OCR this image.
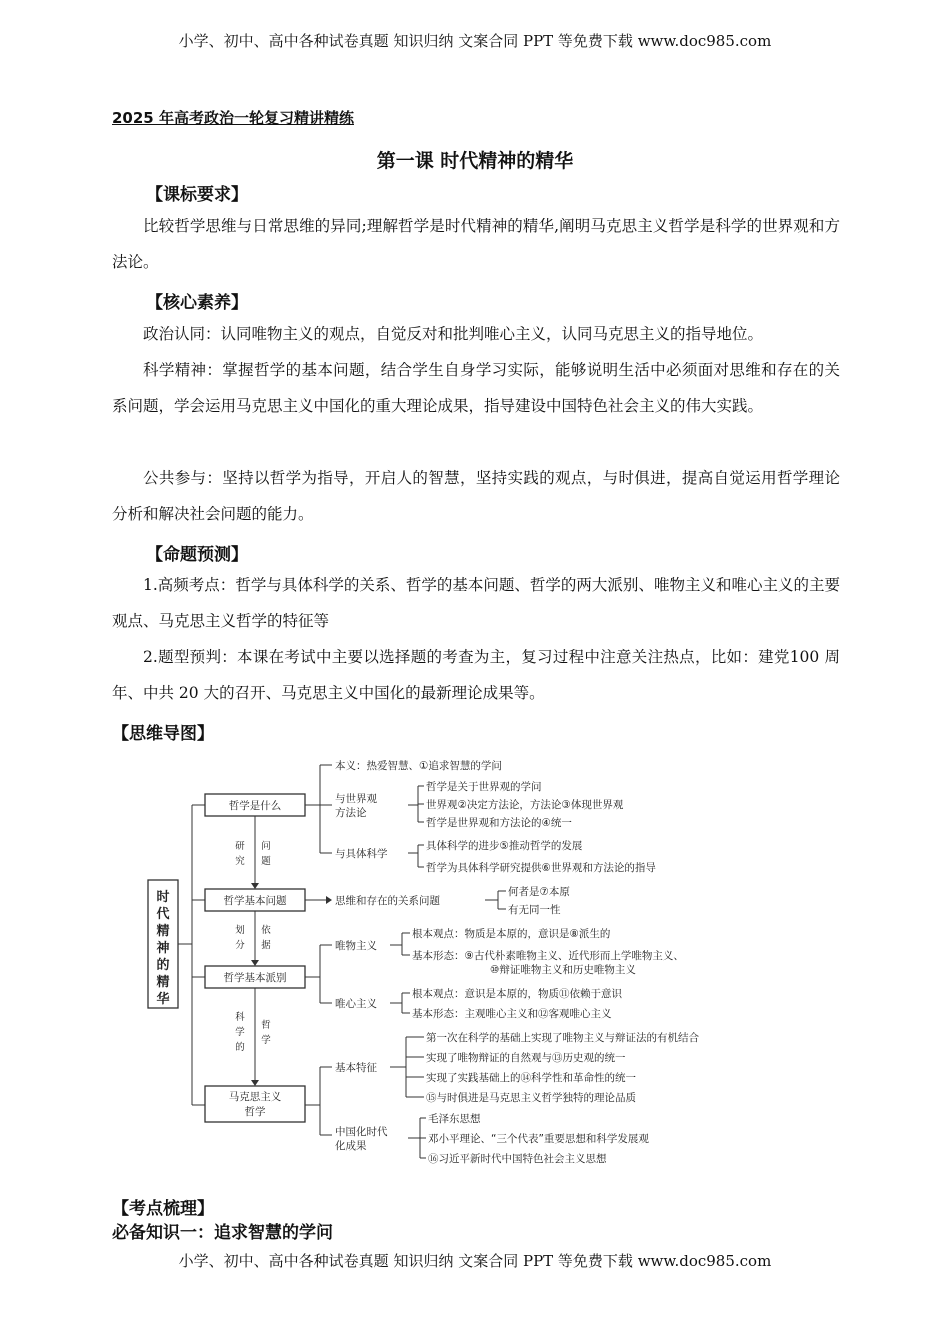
小学、初中、高中各种试卷真题 知识归纳 文案合同 PPT 等免费下载 www.doc985.com
2025 年高考政治一轮复习精讲精练
第一课 时代精神的精华
【课标要求】

比较哲学思维与日常思维的异同;理解哲学是时代精神的精华,阐明马克思主义哲学是科学的世界观和方法论。

【核心素养】

政治认同：认同唯物主义的观点，自觉反对和批判唯心主义，认同马克思主义的指导地位。

科学精神：掌握哲学的基本问题，结合学生自身学习实际，能够说明生活中必须面对思维和存在的关系问题，学会运用马克思主义中国化的重大理论成果，指导建设中国特色社会主义的伟大实践。

公共参与：坚持以哲学为指导，开启人的智慧，坚持实践的观点，与时俱进，提高自觉运用哲学理论分析和解决社会问题的能力。

【命题预测】

1.高频考点：哲学与具体科学的关系、哲学的基本问题、哲学的两大派别、唯物主义和唯心主义的主要观点、马克思主义哲学的特征等

2.题型预判：本课在考试中主要以选择题的考查为主，复习过程中注意关注热点，比如：建党100 周年、中共 20 大的召开、马克思主义中国化的最新理论成果等。

【思维导图】
时
代
精
神
的
精
华
哲学是什么
哲学基本问题
哲学基本派别
马克思主义
哲学
研
究
问
题
划
分
依
据
科
学
的
哲
学
本义：热爱智慧、①追求智慧的学问
与世界观
方法论
哲学是关于世界观的学问
世界观②决定方法论，方法论③体现世界观
哲学是世界观和方法论的④统一
与具体科学
具体科学的进步⑤推动哲学的发展
哲学为具体科学研究提供⑥世界观和方法论的指导
思维和存在的关系问题
何者是⑦本原
有无同一性
唯物主义
根本观点：物质是本原的，意识是⑧派生的
基本形态：⑨古代朴素唯物主义、近代形而上学唯物主义、
⑩辩证唯物主义和历史唯物主义
唯心主义
根本观点：意识是本原的，物质⑪依赖于意识
基本形态：主观唯心主义和⑫客观唯心主义
基本特征
第一次在科学的基础上实现了唯物主义与辩证法的有机结合
实现了唯物辩证的自然观与⑬历史观的统一
实现了实践基础上的⑭科学性和革命性的统一
⑮与时俱进是马克思主义哲学独特的理论品质
中国化时代
化成果
毛泽东思想
邓小平理论、“三个代表”重要思想和科学发展观
⑯习近平新时代中国特色社会主义思想
【考点梳理】
必备知识一：追求智慧的学问
小学、初中、高中各种试卷真题 知识归纳 文案合同 PPT 等免费下载 www.doc985.com
